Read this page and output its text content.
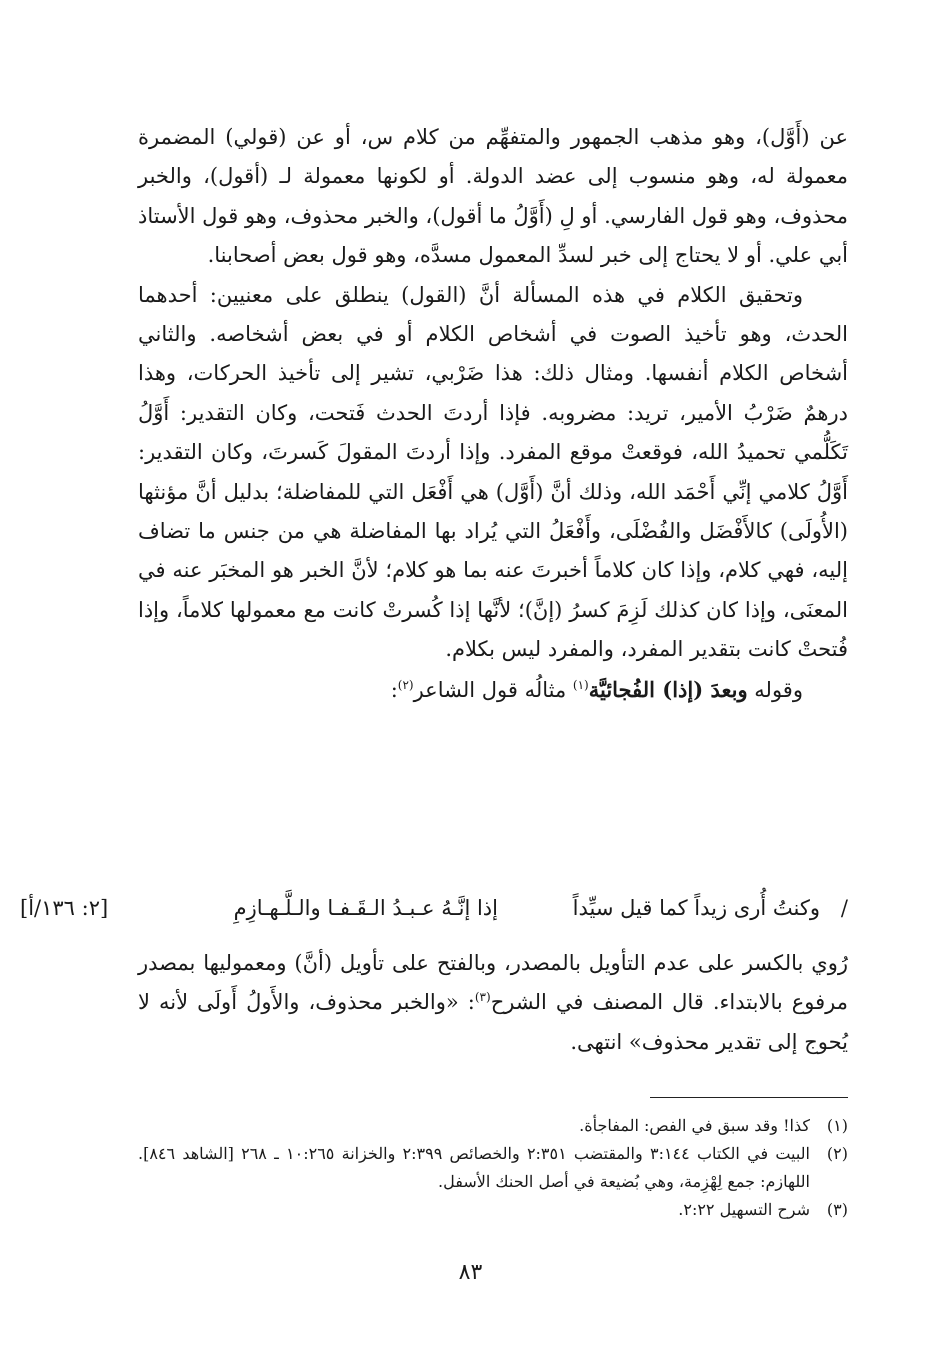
عن (أَوَّل)، وهو مذهب الجمهور والمتفهِّم من كلام س، أو عن (قولي) المضمرة معمولة له، وهو منسوب إلى عضد الدولة. أو لكونها معمولة لـ (أقول)، والخبر محذوف، وهو قول الفارسي. أو لِ (أَوَّلُ ما أقول)، والخبر محذوف، وهو قول الأستاذ أبي علي. أو لا يحتاج إلى خبر لسدِّ المعمول مسدَّه، وهو قول بعض أصحابنا.

وتحقيق الكلام في هذه المسألة أنَّ (القول) ينطلق على معنيين: أحدهما الحدث، وهو تأخيذ الصوت في أشخاص الكلام أو في بعض أشخاصه. والثاني أشخاص الكلام أنفسها. ومثال ذلك: هذا ضَرْبي، تشير إلى تأخيذ الحركات، وهذا درهمٌ ضَرْبُ الأمير، تريد: مضروبه. فإذا أردتَ الحدث فَتحت، وكان التقدير: أَوَّلُ تَكَلُّمي تحميدُ الله، فوقعتْ موقع المفرد. وإذا أردتَ المقولَ كَسرتَ، وكان التقدير: أَوَّلُ كلامي إنِّي أَحْمَد الله، وذلك أنَّ (أَوَّل) هي أَفْعَل التي للمفاضلة؛ بدليل أنَّ مؤنثها (الأُولَى) كالأَفْضَل والفُضْلَى، وأَفْعَلُ التي يُراد بها المفاضلة هي من جنس ما تضاف إليه، فهي كلام، وإذا كان كلاماً أخبرتَ عنه بما هو كلام؛ لأنَّ الخبر هو المخبَر عنه في المعنَى، وإذا كان كذلك لَزِمَ كسرُ (إنَّ)؛ لأنَّها إذا كُسرتْ كانت مع معمولها كلاماً، وإذا فُتحتْ كانت بتقدير المفرد، والمفرد ليس بكلام.

وقوله وبعدَ (إذا) الفُجائيَّة$^{(١)}$ مثالُه قول الشاعر$^{(٢)}$:

/
وكنتُ أُرى زيداً كما قيل سيِّداً
إذا إنَّـهُ عـبـدُ الـقَـفـا والـلَّـهـازِمِ
[٢: ١٣٦/أ]

رُوي بالكسر على عدم التأويل بالمصدر، وبالفتح على تأويل (أنَّ) ومعموليها بمصدر مرفوع بالابتداء. قال المصنف في الشرح$^{(٣)}$: «والخبر محذوف، والأَولُ أَولَى لأنه لا يُحوج إلى تقدير محذوف» انتهى.

(١)
كذا! وقد سبق في الفص: المفاجأة.
(٢)
البيت في الكتاب ٣:١٤٤ والمقتضب ٢:٣٥١ والخصائص ٢:٣٩٩ والخزانة ١٠:٢٦٥ ـ ٢٦٨ [الشاهد ٨٤٦]. اللهازم: جمع لِهْزِمة، وهي بُضيعة في أصل الحنك الأسفل.
(٣)
شرح التسهيل ٢:٢٢.
٨٣
